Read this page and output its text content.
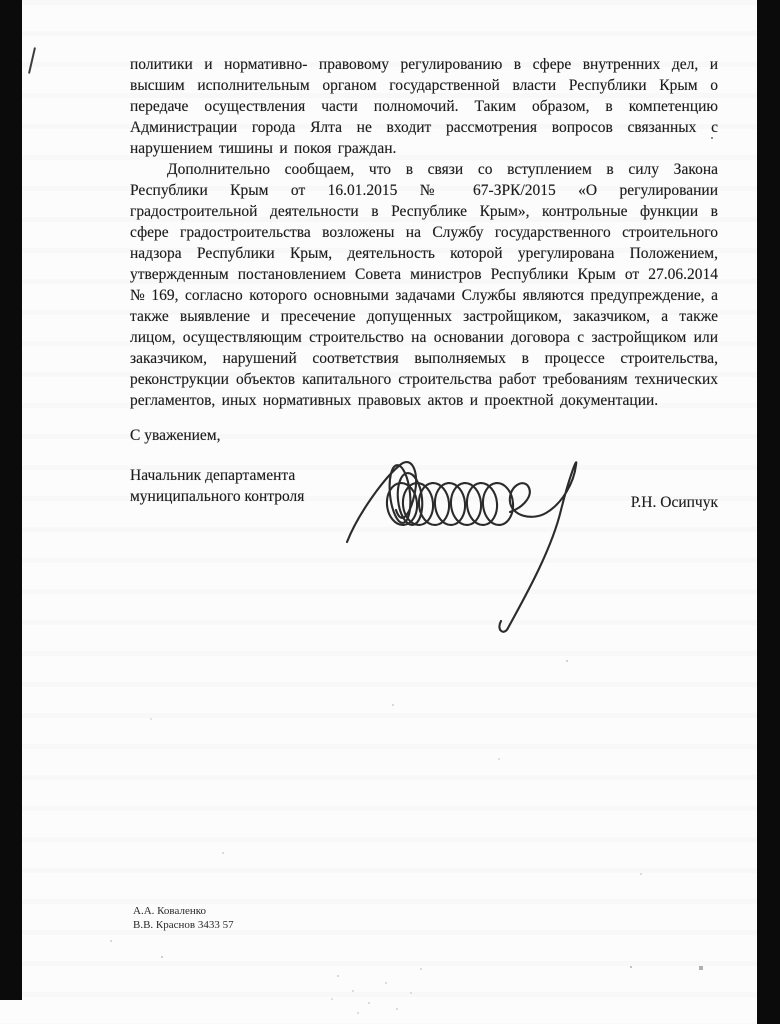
политики и нормативно- правовому регулированию в сфере внутренних дел, и высшим исполнительным органом государственной власти Республики Крым о передаче осуществления части полномочий. Таким образом, в компетенцию Администрации города Ялта не входит рассмотрения вопросов связанных с нарушением тишины и покоя граждан.

Дополнительно сообщаем, что в связи со вступлением в силу Закона Республики Крым от 16.01.2015 № 67-ЗРК/2015 «О регулировании градостроительной деятельности в Республике Крым», контрольные функции в сфере градостроительства возложены на Службу государственного строительного надзора Республики Крым, деятельность которой урегулирована Положением, утвержденным постановлением Совета министров Республики Крым от 27.06.2014 № 169, согласно которого основными задачами Службы являются предупреждение, а также выявление и пресечение допущенных застройщиком, заказчиком, а также лицом, осуществляющим строительство на основании договора с застройщиком или заказчиком, нарушений соответствия выполняемых в процессе строительства, реконструкции объектов капитального строительства работ требованиям технических регламентов, иных нормативных правовых актов и проектной документации.

С уважением,

Начальник департамента
муниципального контроля	Р.Н. Осипчук
А.А. Коваленко
В.В. Краснов 3433 57
